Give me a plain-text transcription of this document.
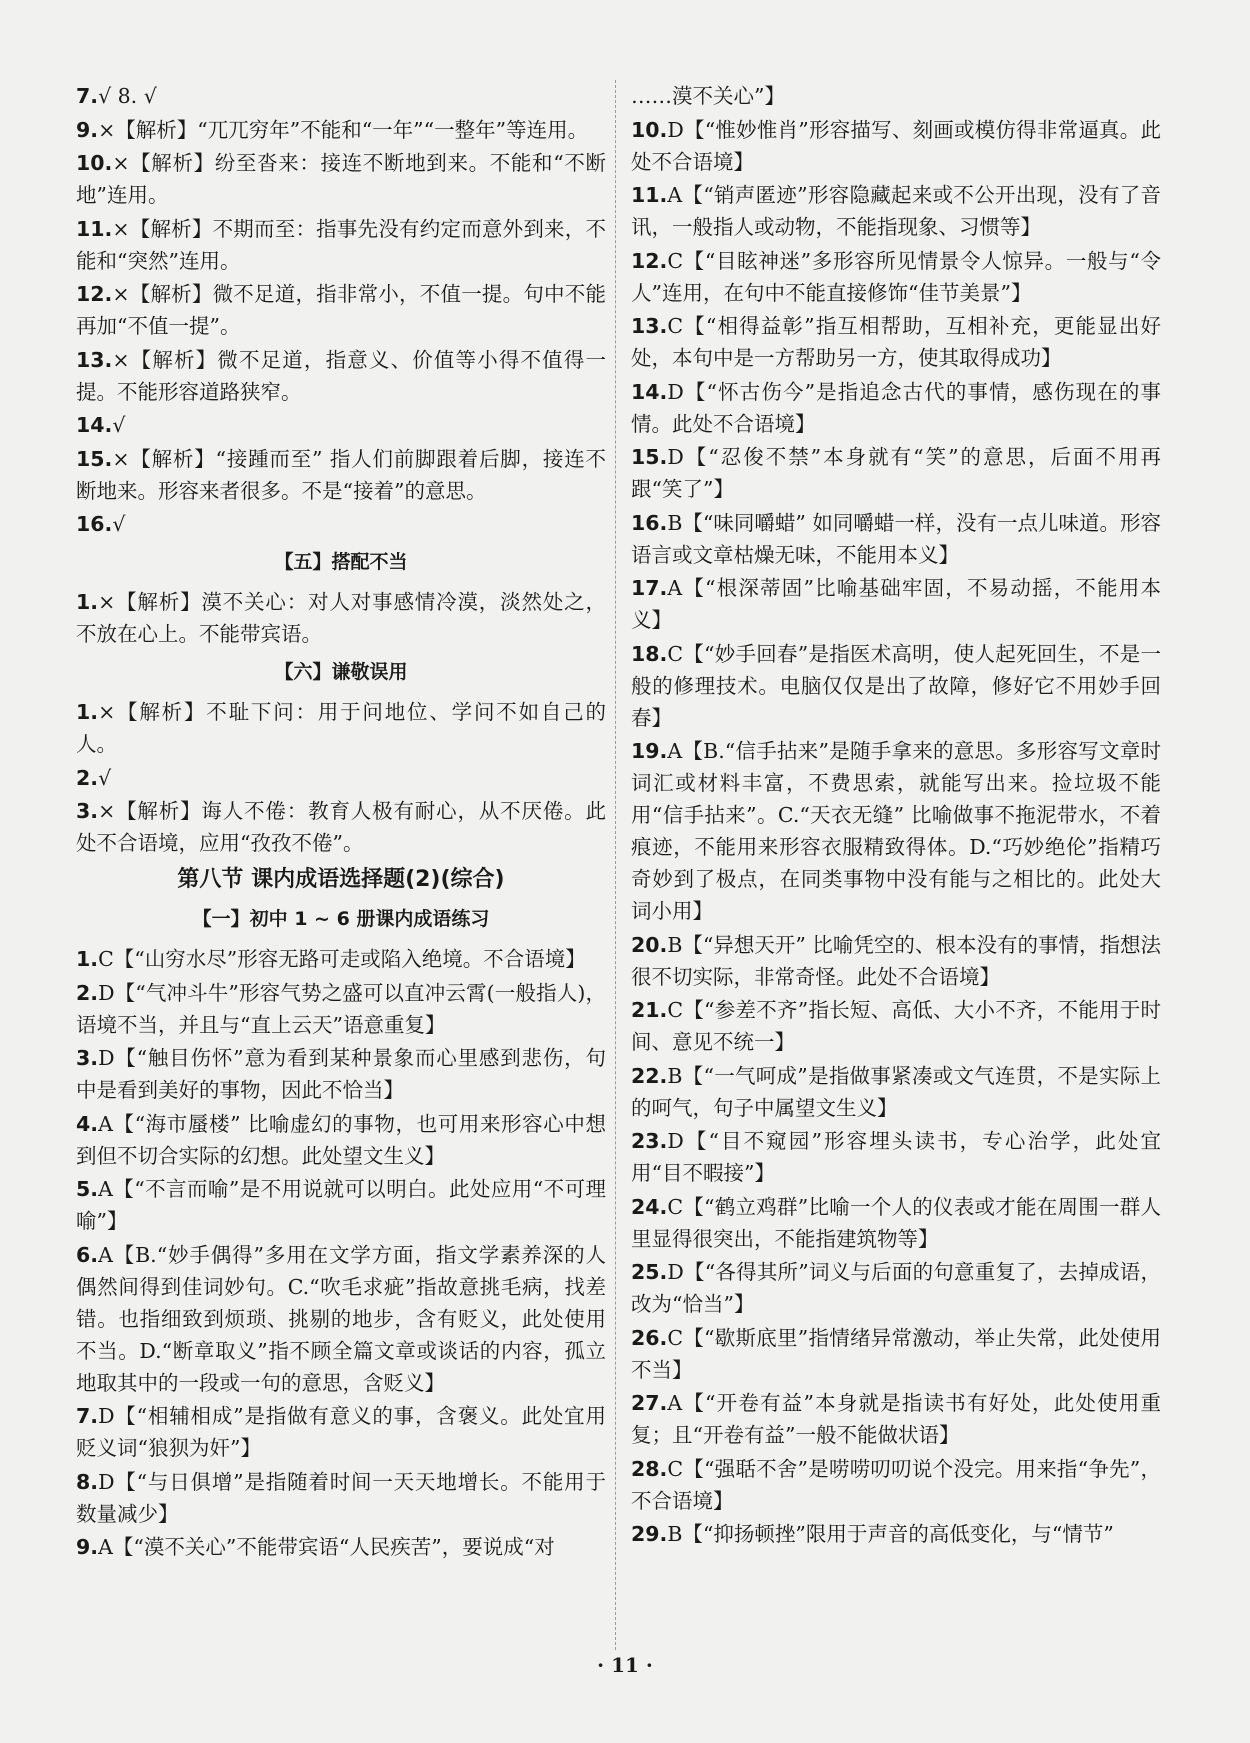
7.√ 8. √

9.×【解析】“兀兀穷年”不能和“一年”“一整年”等连用。

10.×【解析】纷至沓来：接连不断地到来。不能和“不断地”连用。

11.×【解析】不期而至：指事先没有约定而意外到来，不能和“突然”连用。

12.×【解析】微不足道，指非常小，不值一提。句中不能再加“不值一提”。

13.×【解析】微不足道，指意义、价值等小得不值得一提。不能形容道路狭窄。

14.√

15.×【解析】“接踵而至” 指人们前脚跟着后脚，接连不断地来。形容来者很多。不是“接着”的意思。

16.√

【五】搭配不当

1.×【解析】漠不关心：对人对事感情冷漠，淡然处之，不放在心上。不能带宾语。

【六】谦敬误用

1.×【解析】不耻下问：用于问地位、学问不如自己的人。

2.√

3.×【解析】诲人不倦：教育人极有耐心，从不厌倦。此处不合语境，应用“孜孜不倦”。

第八节 课内成语选择题(2)(综合)
【一】初中 1 ~ 6 册课内成语练习

1.C【“山穷水尽”形容无路可走或陷入绝境。不合语境】

2.D【“气冲斗牛”形容气势之盛可以直冲云霄(一般指人)，语境不当，并且与“直上云天”语意重复】

3.D【“触目伤怀”意为看到某种景象而心里感到悲伤，句中是看到美好的事物，因此不恰当】

4.A【“海市蜃楼” 比喻虚幻的事物，也可用来形容心中想到但不切合实际的幻想。此处望文生义】

5.A【“不言而喻”是不用说就可以明白。此处应用“不可理喻”】

6.A【B.“妙手偶得”多用在文学方面，指文学素养深的人偶然间得到佳词妙句。C.“吹毛求疵”指故意挑毛病，找差错。也指细致到烦琐、挑剔的地步，含有贬义，此处使用不当。D.“断章取义”指不顾全篇文章或谈话的内容，孤立地取其中的一段或一句的意思，含贬义】

7.D【“相辅相成”是指做有意义的事，含褒义。此处宜用贬义词“狼狈为奸”】

8.D【“与日俱增”是指随着时间一天天地增长。不能用于数量减少】

9.A【“漠不关心”不能带宾语“人民疾苦”，要说成“对

……漠不关心”】

10.D【“惟妙惟肖”形容描写、刻画或模仿得非常逼真。此处不合语境】

11.A【“销声匿迹”形容隐藏起来或不公开出现，没有了音讯，一般指人或动物，不能指现象、习惯等】

12.C【“目眩神迷”多形容所见情景令人惊异。一般与“令人”连用，在句中不能直接修饰“佳节美景”】

13.C【“相得益彰”指互相帮助，互相补充，更能显出好处，本句中是一方帮助另一方，使其取得成功】

14.D【“怀古伤今”是指追念古代的事情，感伤现在的事情。此处不合语境】

15.D【“忍俊不禁”本身就有“笑”的意思，后面不用再跟“笑了”】

16.B【“味同嚼蜡” 如同嚼蜡一样，没有一点儿味道。形容语言或文章枯燥无味，不能用本义】

17.A【“根深蒂固”比喻基础牢固，不易动摇，不能用本义】

18.C【“妙手回春”是指医术高明，使人起死回生，不是一般的修理技术。电脑仅仅是出了故障，修好它不用妙手回春】

19.A【B.“信手拈来”是随手拿来的意思。多形容写文章时词汇或材料丰富，不费思索，就能写出来。捡垃圾不能用“信手拈来”。C.“天衣无缝” 比喻做事不拖泥带水，不着痕迹，不能用来形容衣服精致得体。D.“巧妙绝伦”指精巧奇妙到了极点，在同类事物中没有能与之相比的。此处大词小用】

20.B【“异想天开” 比喻凭空的、根本没有的事情，指想法很不切实际，非常奇怪。此处不合语境】

21.C【“参差不齐”指长短、高低、大小不齐，不能用于时间、意见不统一】

22.B【“一气呵成”是指做事紧凑或文气连贯，不是实际上的呵气，句子中属望文生义】

23.D【“目不窥园”形容埋头读书，专心治学，此处宜用“目不暇接”】

24.C【“鹤立鸡群”比喻一个人的仪表或才能在周围一群人里显得很突出，不能指建筑物等】

25.D【“各得其所”词义与后面的句意重复了，去掉成语，改为“恰当”】

26.C【“歇斯底里”指情绪异常激动，举止失常，此处使用不当】

27.A【“开卷有益”本身就是指读书有好处，此处使用重复；且“开卷有益”一般不能做状语】

28.C【“强聒不舍”是唠唠叨叨说个没完。用来指“争先”，不合语境】

29.B【“抑扬顿挫”限用于声音的高低变化，与“情节”

· 11 ·
